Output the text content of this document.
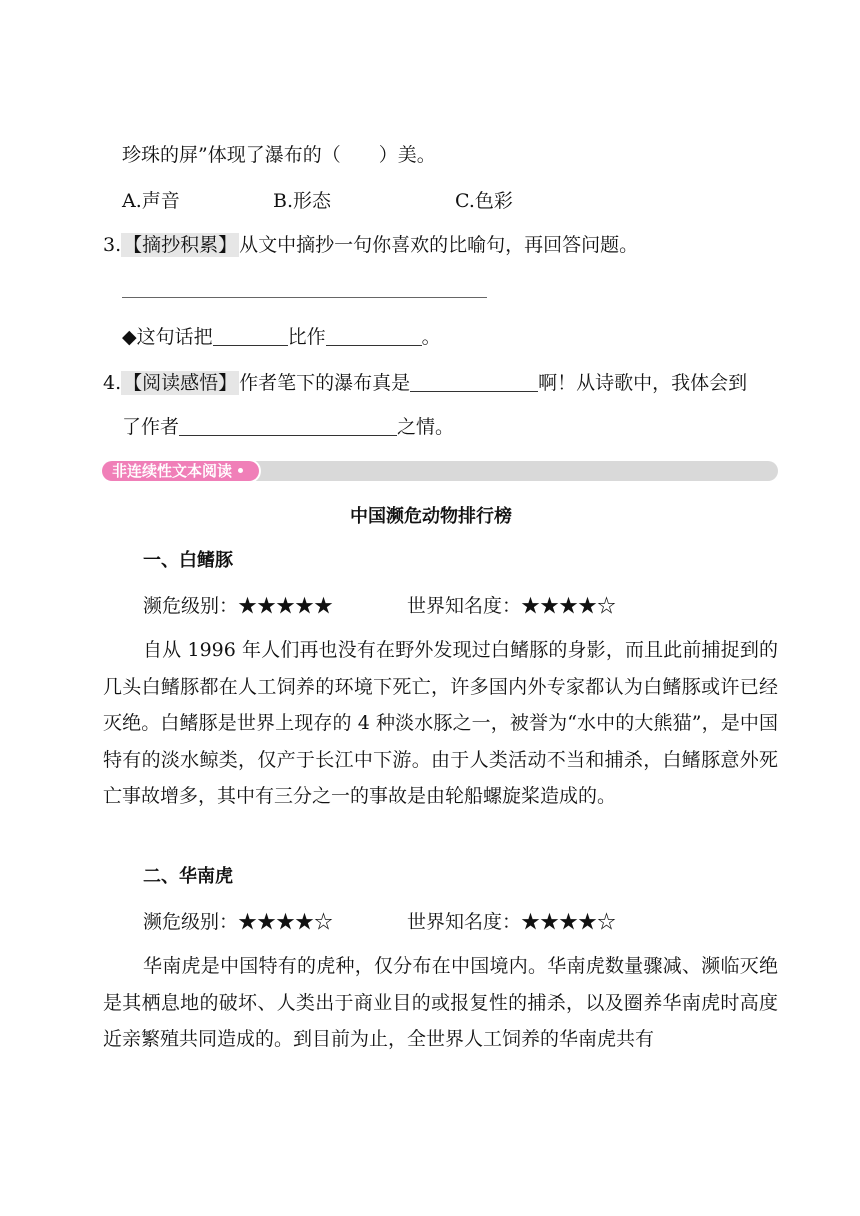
珍珠的屏”体现了瀑布的（ ）美。
A.声音	B.形态	C.色彩
3. 【摘抄积累】 从文中摘抄一句你喜欢的比喻句，再回答问题。
◆这句话把	比作	。
4. 【阅读感悟】 作者笔下的瀑布真是	啊！从诗歌中，我体会到
了作者	之情。
非连续性文本阅读
中国濒危动物排行榜
一、白鳍豚
濒危级别：★★★★★	世界知名度：★★★★☆
自从 1996 年人们再也没有在野外发现过白鳍豚的身影，而且此前捕捉到的几头白鳍豚都在人工饲养的环境下死亡，许多国内外专家都认为白鳍豚或许已经灭绝。白鳍豚是世界上现存的 4 种淡水豚之一，被誉为“水中的大熊猫”，是中国特有的淡水鲸类，仅产于长江中下游。由于人类活动不当和捕杀，白鳍豚意外死亡事故增多，其中有三分之一的事故是由轮船螺旋桨造成的。
二、华南虎
濒危级别：★★★★☆	世界知名度：★★★★☆
华南虎是中国特有的虎种，仅分布在中国境内。华南虎数量骤减、濒临灭绝是其栖息地的破坏、人类出于商业目的或报复性的捕杀，以及圈养华南虎时高度近亲繁殖共同造成的。到目前为止，全世界人工饲养的华南虎共有
